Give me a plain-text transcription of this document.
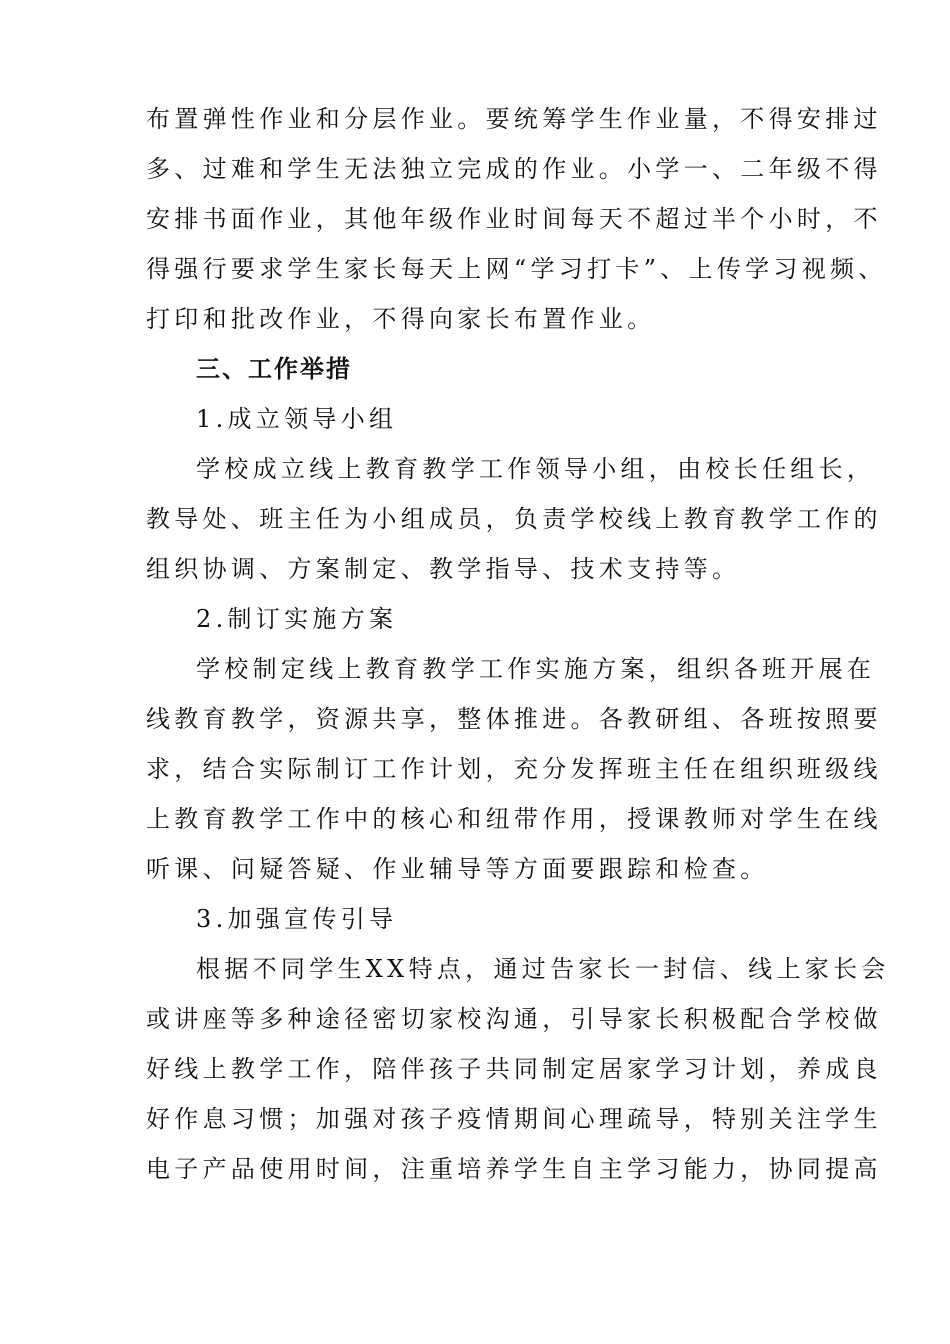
布置弹性作业和分层作业。要统筹学生作业量，不得安排过
多、过难和学生无法独立完成的作业。小学一、二年级不得
安排书面作业，其他年级作业时间每天不超过半个小时，不
得强行要求学生家长每天上网“学习打卡”、上传学习视频、
打印和批改作业，不得向家长布置作业。
三、工作举措
1.成立领导小组
学校成立线上教育教学工作领导小组，由校长任组长，
教导处、班主任为小组成员，负责学校线上教育教学工作的
组织协调、方案制定、教学指导、技术支持等。
2.制订实施方案
学校制定线上教育教学工作实施方案，组织各班开展在
线教育教学，资源共享，整体推进。各教研组、各班按照要
求，结合实际制订工作计划，充分发挥班主任在组织班级线
上教育教学工作中的核心和纽带作用，授课教师对学生在线
听课、问疑答疑、作业辅导等方面要跟踪和检查。
3.加强宣传引导
根据不同学生XX特点，通过告家长一封信、线上家长会
或讲座等多种途径密切家校沟通，引导家长积极配合学校做
好线上教学工作，陪伴孩子共同制定居家学习计划，养成良
好作息习惯；加强对孩子疫情期间心理疏导，特别关注学生
电子产品使用时间，注重培养学生自主学习能力，协同提高
